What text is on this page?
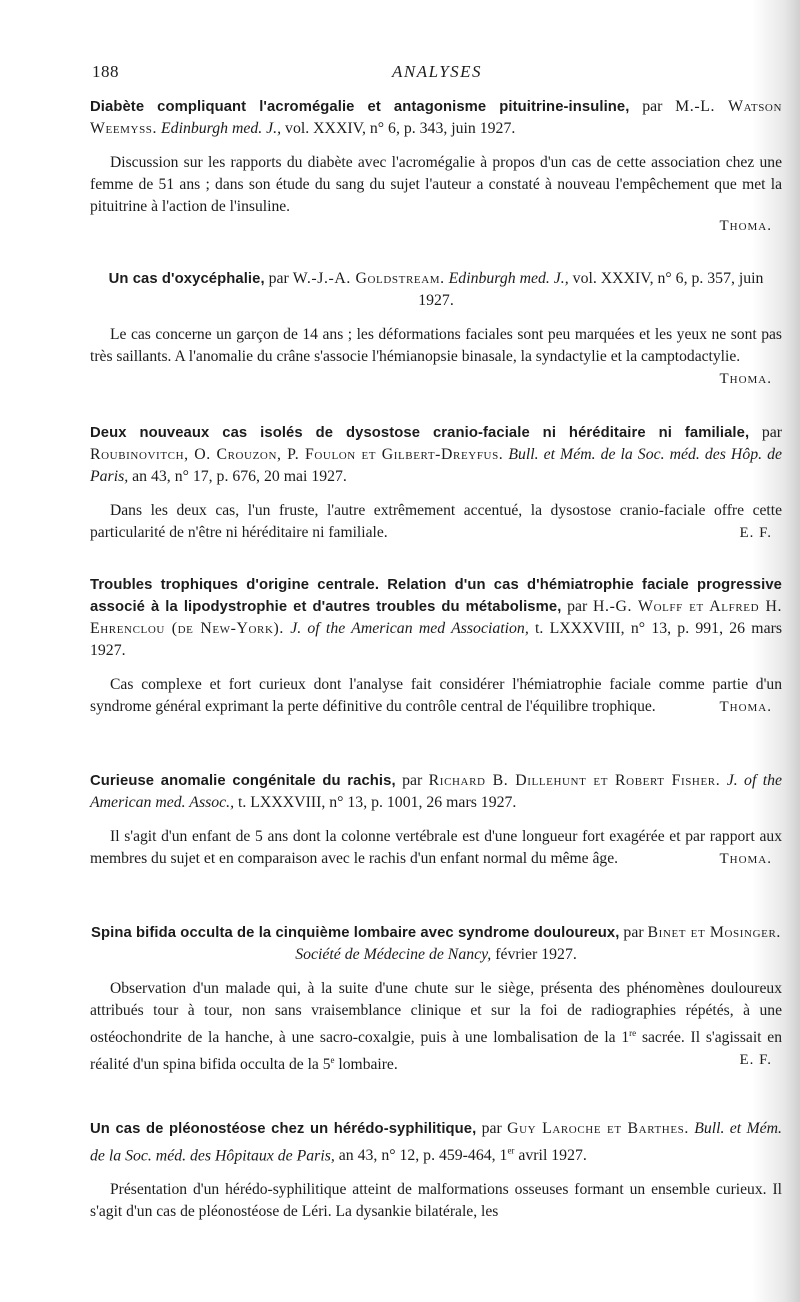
188	ANALYSES
Diabète compliquant l'acromégalie et antagonisme pituitrine-insuline, par M.-L. Watson Weemyss. Edinburgh med. J., vol. XXXIV, n° 6, p. 343, juin 1927.
Discussion sur les rapports du diabète avec l'acromégalie à propos d'un cas de cette association chez une femme de 51 ans ; dans son étude du sang du sujet l'auteur a constaté à nouveau l'empêchement que met la pituitrine à l'action de l'insuline.
Thoma.
Un cas d'oxycéphalie, par W.-J.-A. Goldstream. Edinburgh med. J., vol. XXXIV, n° 6, p. 357, juin 1927.
Le cas concerne un garçon de 14 ans ; les déformations faciales sont peu marquées et les yeux ne sont pas très saillants. A l'anomalie du crâne s'associe l'hémianopsie binasale, la syndactylie et la camptodactylie.
Thoma.
Deux nouveaux cas isolés de dysostose cranio-faciale ni héréditaire ni familiale, par Roubinovitch, O. Crouzon, P. Foulon et Gilbert-Dreyfus. Bull. et Mém. de la Soc. méd. des Hôp. de Paris, an 43, n° 17, p. 676, 20 mai 1927.
Dans les deux cas, l'un fruste, l'autre extrêmement accentué, la dysostose cranio-faciale offre cette particularité de n'être ni héréditaire ni familiale.	E. F.
Troubles trophiques d'origine centrale. Relation d'un cas d'hémiatrophie faciale progressive associé à la lipodystrophie et d'autres troubles du métabolisme, par H.-G. Wolff et Alfred H. Ehrenclou (de New-York). J. of the American med Association, t. LXXXVIII, n° 13, p. 991, 26 mars 1927.
Cas complexe et fort curieux dont l'analyse fait considérer l'hémiatrophie faciale comme partie d'un syndrome général exprimant la perte définitive du contrôle central de l'équilibre trophique.	Thoma.
Curieuse anomalie congénitale du rachis, par Richard B. Dillehunt et Robert Fisher. J. of the American med. Assoc., t. LXXXVIII, n° 13, p. 1001, 26 mars 1927.
Il s'agit d'un enfant de 5 ans dont la colonne vertébrale est d'une longueur fort exagérée et par rapport aux membres du sujet et en comparaison avec le rachis d'un enfant normal du même âge.	Thoma.
Spina bifida occulta de la cinquième lombaire avec syndrome douloureux, par Binet et Mosinger. Société de Médecine de Nancy, février 1927.
Observation d'un malade qui, à la suite d'une chute sur le siège, présenta des phénomènes douloureux attribués tour à tour, non sans vraisemblance clinique et sur la foi de radiographies répétés, à une ostéochondrite de la hanche, à une sacro-coxalgie, puis à une lombalisation de la 1re sacrée. Il s'agissait en réalité d'un spina bifida occulta de la 5e lombaire.	E. F.
Un cas de pléonostéose chez un hérédo-syphilitique, par Guy Laroche et Barthes. Bull. et Mém. de la Soc. méd. des Hôpitaux de Paris, an 43, n° 12, p. 459-464, 1er avril 1927.
Présentation d'un hérédo-syphilitique atteint de malformations osseuses formant un ensemble curieux. Il s'agit d'un cas de pléonostéose de Léri. La dysankie bilatérale, les
